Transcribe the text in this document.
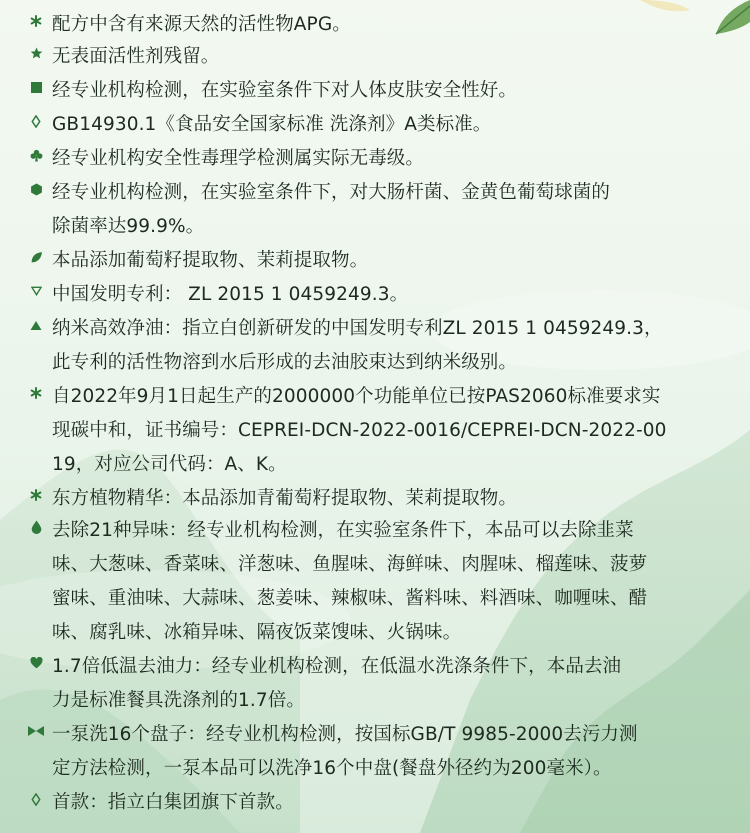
配方中含有来源天然的活性物APG。
无表面活性剂残留。
经专业机构检测，在实验室条件下对人体皮肤安全性好。
GB14930.1《食品安全国家标准 洗涤剂》A类标准。
经专业机构安全性毒理学检测属实际无毒级。
经专业机构检测，在实验室条件下，对大肠杆菌、金黄色葡萄球菌的
除菌率达99.9%。
本品添加葡萄籽提取物、茉莉提取物。
中国发明专利： ZL 2015 1 0459249.3。
纳米高效净油：指立白创新研发的中国发明专利ZL 2015 1 0459249.3，
此专利的活性物溶到水后形成的去油胶束达到纳米级别。
自2022年9月1日起生产的2000000个功能单位已按PAS2060标准要求实
现碳中和，证书编号：CEPREI-DCN-2022-0016/CEPREI-DCN-2022-00
19，对应公司代码：A、K。
东方植物精华：本品添加青葡萄籽提取物、茉莉提取物。
去除21种异味：经专业机构检测，在实验室条件下，本品可以去除韭菜
味、大葱味、香菜味、洋葱味、鱼腥味、海鲜味、肉腥味、榴莲味、菠萝
蜜味、重油味、大蒜味、葱姜味、辣椒味、酱料味、料酒味、咖喱味、醋
味、腐乳味、冰箱异味、隔夜饭菜馊味、火锅味。
1.7倍低温去油力：经专业机构检测，在低温水洗涤条件下，本品去油
力是标准餐具洗涤剂的1.7倍。
一泵洗16个盘子：经专业机构检测，按国标GB/T 9985-2000去污力测
定方法检测，一泵本品可以洗净16个中盘(餐盘外径约为200毫米）。
首款：指立白集团旗下首款。
